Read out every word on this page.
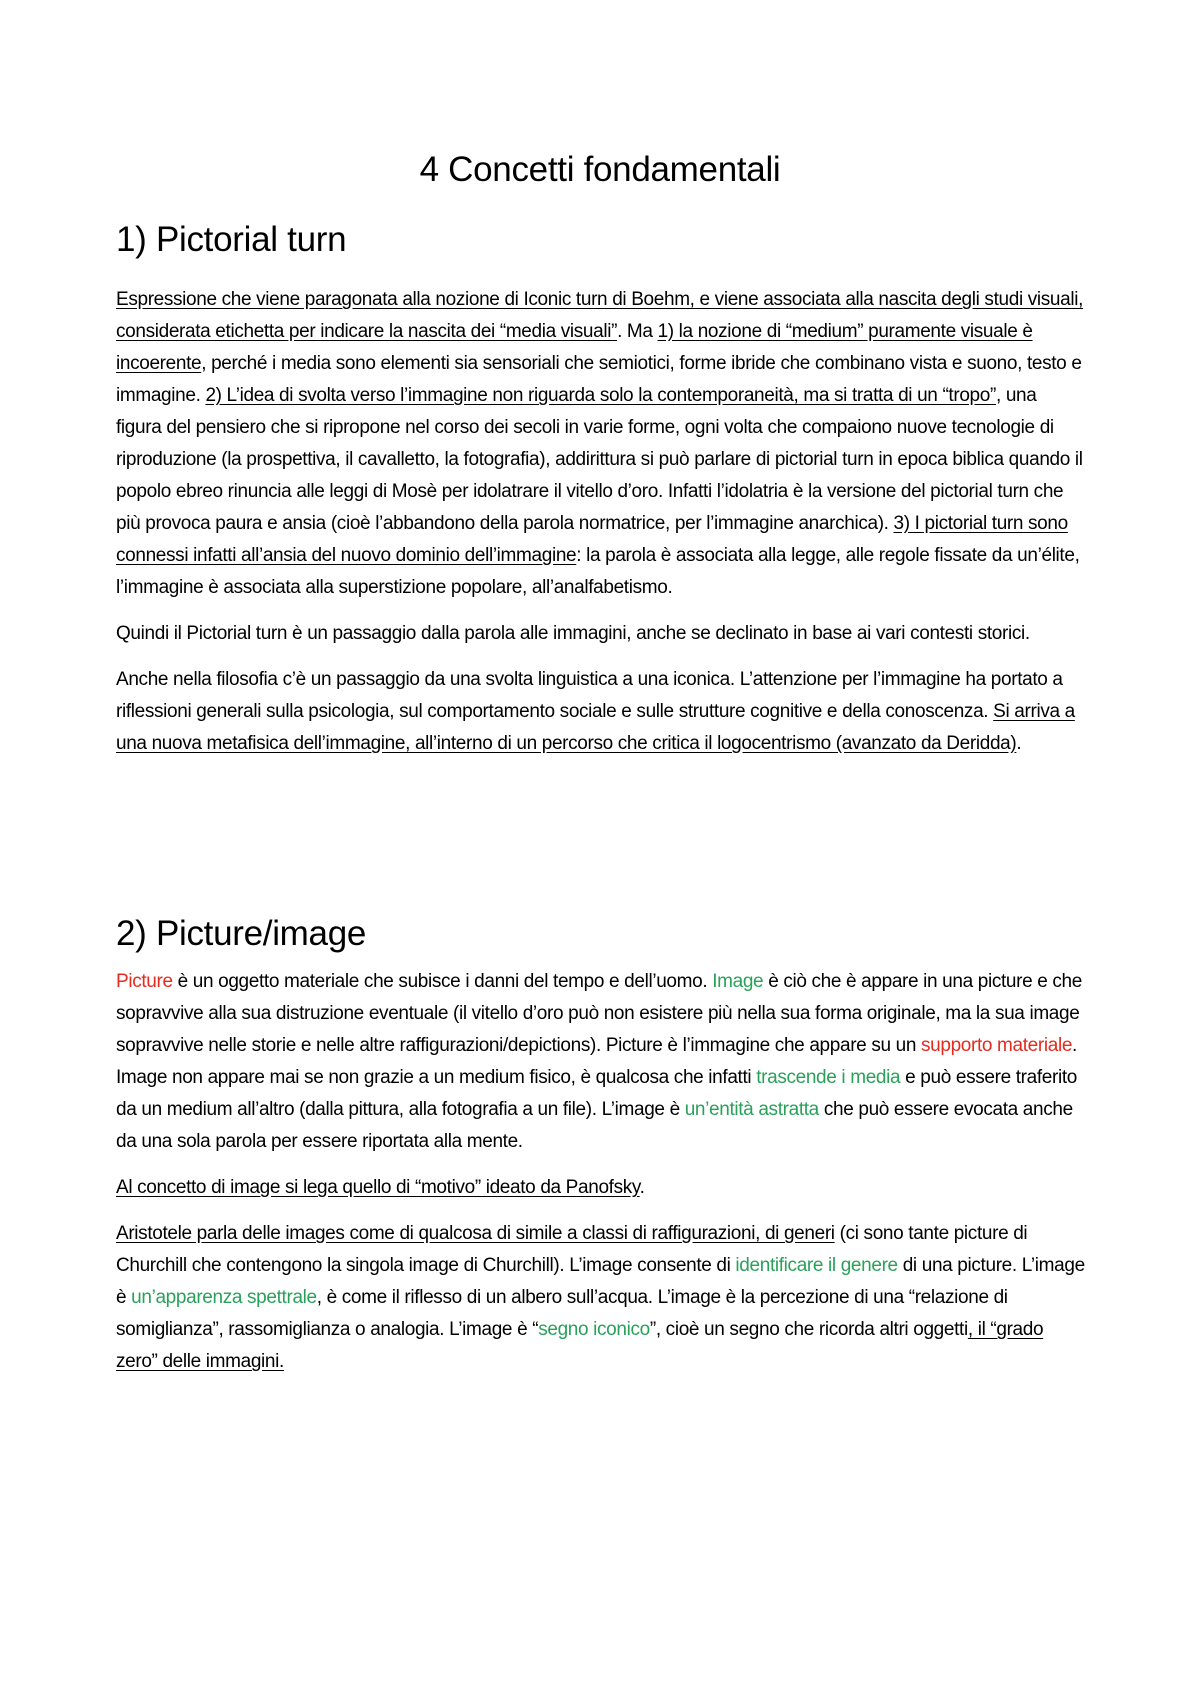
4 Concetti fondamentali
1) Pictorial turn

Espressione che viene paragonata alla nozione di Iconic turn di Boehm, e viene associata alla nascita degli studi visuali, considerata etichetta per indicare la nascita dei “media visuali”. Ma 1) la nozione di “medium” puramente visuale è incoerente, perché i media sono elementi sia sensoriali che semiotici, forme ibride che combinano vista e suono, testo e immagine. 2) L’idea di svolta verso l’immagine non riguarda solo la contemporaneità, ma si tratta di un “tropo”, una figura del pensiero che si ripropone nel corso dei secoli in varie forme, ogni volta che compaiono nuove tecnologie di riproduzione (la prospettiva, il cavalletto, la fotografia), addirittura si può parlare di pictorial turn in epoca biblica quando il popolo ebreo rinuncia alle leggi di Mosè per idolatrare il vitello d’oro. Infatti l’idolatria è la versione del pictorial turn che più provoca paura e ansia (cioè l’abbandono della parola normatrice, per l’immagine anarchica). 3) I pictorial turn sono connessi infatti all’ansia del nuovo dominio dell’immagine: la parola è associata alla legge, alle regole fissate da un’élite, l’immagine è associata alla superstizione popolare, all’analfabetismo.

Quindi il Pictorial turn è un passaggio dalla parola alle immagini, anche se declinato in base ai vari contesti storici.

Anche nella filosofia c’è un passaggio da una svolta linguistica a una iconica. L’attenzione per l’immagine ha portato a riflessioni generali sulla psicologia, sul comportamento sociale e sulle strutture cognitive e della conoscenza. Si arriva a una nuova metafisica dell’immagine, all’interno di un percorso che critica il logocentrismo (avanzato da Deridda).

2) Picture/image

Picture è un oggetto materiale che subisce i danni del tempo e dell’uomo. Image è ciò che è appare in una picture e che sopravvive alla sua distruzione eventuale (il vitello d’oro può non esistere più nella sua forma originale, ma la sua image sopravvive nelle storie e nelle altre raffigurazioni/depictions). Picture è l’immagine che appare su un supporto materiale. Image non appare mai se non grazie a un medium fisico, è qualcosa che infatti trascende i media e può essere traferito da un medium all’altro (dalla pittura, alla fotografia a un file). L’image è un’entità astratta che può essere evocata anche da una sola parola per essere riportata alla mente.

Al concetto di image si lega quello di “motivo” ideato da Panofsky.

Aristotele parla delle images come di qualcosa di simile a classi di raffigurazioni, di generi (ci sono tante picture di Churchill che contengono la singola image di Churchill). L’image consente di identificare il genere di una picture. L’image è un’apparenza spettrale, è come il riflesso di un albero sull’acqua. L’image è la percezione di una “relazione di somiglianza”, rassomiglianza o analogia. L’image è “segno iconico”, cioè un segno che ricorda altri oggetti, il “grado zero” delle immagini.
